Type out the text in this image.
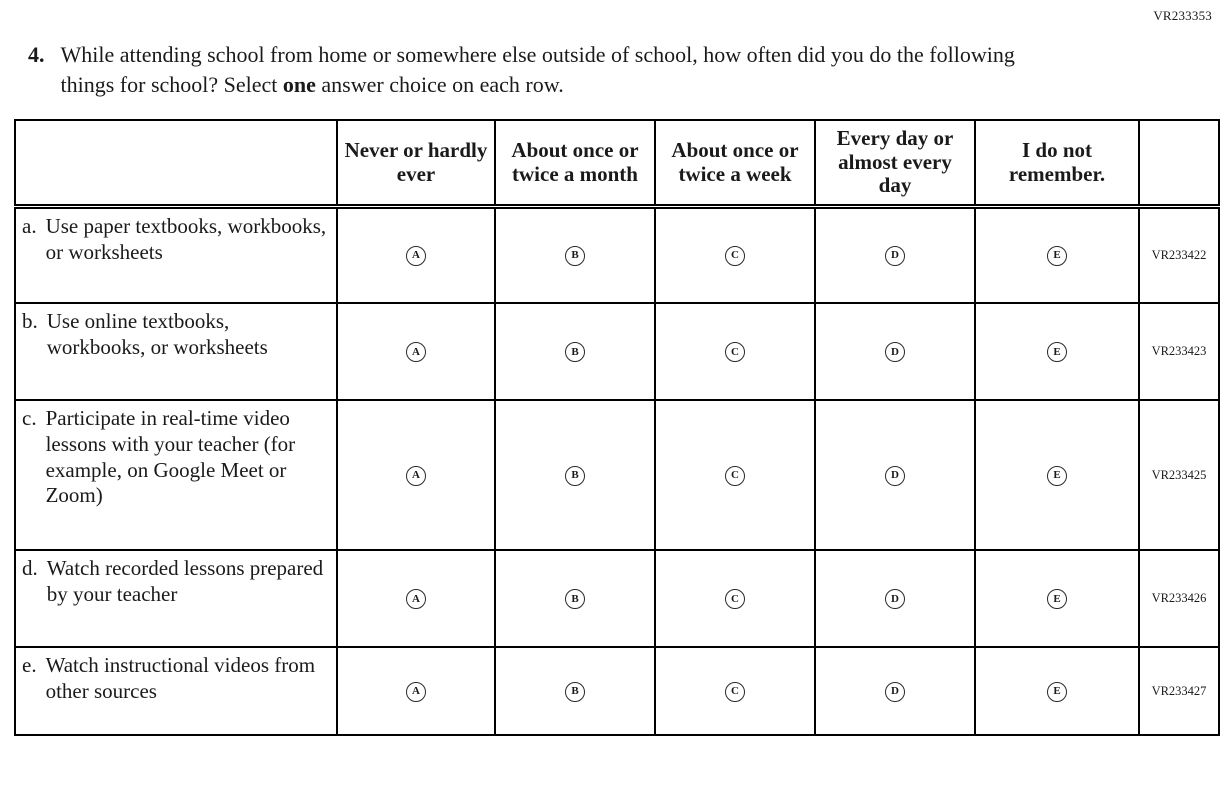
VR233353
4. While attending school from home or somewhere else outside of school, how often did you do the following things for school? Select one answer choice on each row.
	Never or hardly ever	About once or twice a month	About once or twice a week	Every day or almost every day	I do not remember.	

a. Use paper textbooks, workbooks, or worksheets	A	B	C	D	E	VR233422

b. Use online textbooks, workbooks, or worksheets	A	B	C	D	E	VR233423

c. Participate in real-time video lessons with your teacher (for example, on Google Meet or Zoom)	A	B	C	D	E	VR233425

d. Watch recorded lessons prepared by your teacher	A	B	C	D	E	VR233426

e. Watch instructional videos from other sources	A	B	C	D	E	VR233427
